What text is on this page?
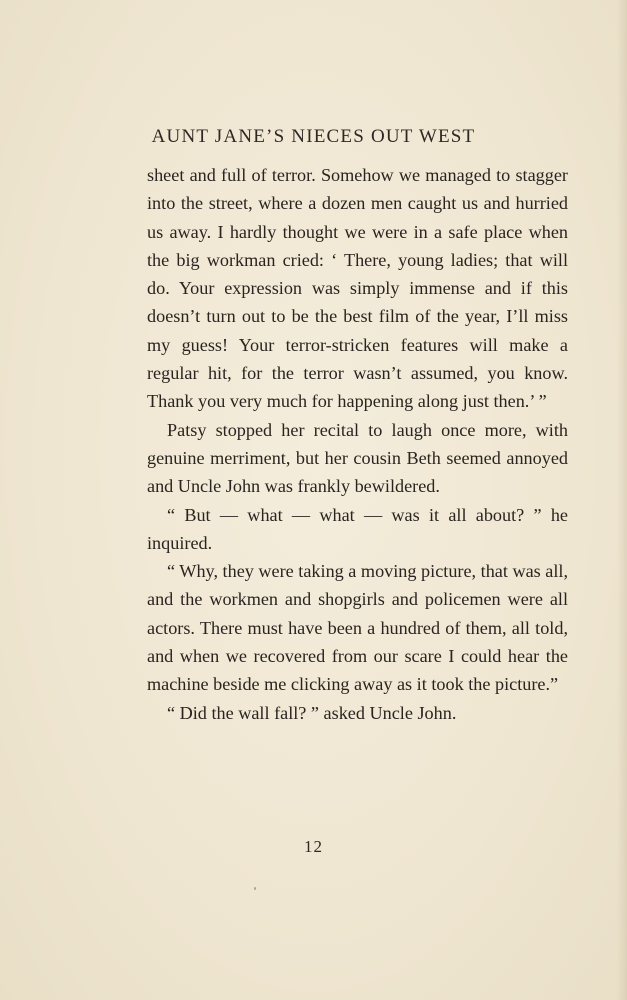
AUNT JANE’S NIECES OUT WEST

sheet and full of terror. Somehow we managed to stagger into the street, where a dozen men caught us and hurried us away. I hardly thought we were in a safe place when the big workman cried: ‘ There, young ladies; that will do. Your expression was simply immense and if this doesn’t turn out to be the best film of the year, I’ll miss my guess! Your terror-stricken features will make a regular hit, for the terror wasn’t assumed, you know. Thank you very much for happening along just then.’ ”

Patsy stopped her recital to laugh once more, with genuine merriment, but her cousin Beth seemed annoyed and Uncle John was frankly bewildered.

“ But — what — what — was it all about? ” he inquired.

“ Why, they were taking a moving picture, that was all, and the workmen and shopgirls and policemen were all actors. There must have been a hundred of them, all told, and when we recovered from our scare I could hear the machine beside me clicking away as it took the picture.”

“ Did the wall fall? ” asked Uncle John.

12
